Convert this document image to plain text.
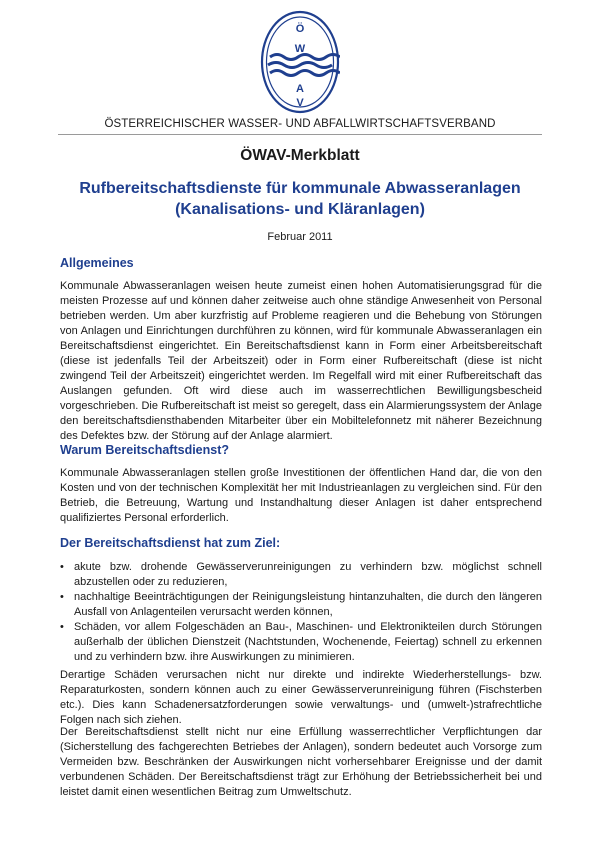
Ö
W
A
V
ÖSTERREICHISCHER WASSER- UND ABFALLWIRTSCHAFTSVERBAND
ÖWAV-Merkblatt
Rufbereitschaftsdienste für kommunale Abwasseranlagen
(Kanalisations- und Kläranlagen)
Februar 2011
Allgemeines
Kommunale Abwasseranlagen weisen heute zumeist einen hohen Automatisierungsgrad für die meisten Prozesse auf und können daher zeitweise auch ohne ständige Anwesenheit von Personal betrieben werden. Um aber kurzfristig auf Probleme reagieren und die Behebung von Störungen von Anlagen und Einrichtungen durchführen zu können, wird für kommunale Abwasseranlagen ein Bereitschaftsdienst eingerichtet. Ein Bereitschaftsdienst kann in Form einer Arbeitsbereitschaft (diese ist jedenfalls Teil der Arbeitszeit) oder in Form einer Rufbereitschaft (diese ist nicht zwingend Teil der Arbeitszeit) eingerichtet werden. Im Regelfall wird mit einer Rufbereitschaft das Auslangen gefunden. Oft wird diese auch im wasserrechtlichen Bewilligungsbescheid vorgeschrieben. Die Rufbereitschaft ist meist so geregelt, dass ein Alarmierungssystem der Anlage den bereitschaftsdiensthabenden Mitarbeiter über ein Mobiltelefonnetz mit näherer Bezeichnung des Defektes bzw. der Störung auf der Anlage alarmiert.
Warum Bereitschaftsdienst?
Kommunale Abwasseranlagen stellen große Investitionen der öffentlichen Hand dar, die von den Kosten und von der technischen Komplexität her mit Industrieanlagen zu vergleichen sind. Für den Betrieb, die Betreuung, Wartung und Instandhaltung dieser Anlagen ist daher entsprechend qualifiziertes Personal erforderlich.
Der Bereitschaftsdienst hat zum Ziel:
• akute bzw. drohende Gewässerverunreinigungen zu verhindern bzw. möglichst schnell abzustellen oder zu reduzieren,
• nachhaltige Beeinträchtigungen der Reinigungsleistung hintanzuhalten, die durch den längeren Ausfall von Anlagenteilen verursacht werden können,
• Schäden, vor allem Folgeschäden an Bau-, Maschinen- und Elektronikteilen durch Störungen außerhalb der üblichen Dienstzeit (Nachtstunden, Wochenende, Feiertag) schnell zu erkennen und zu verhindern bzw. ihre Auswirkungen zu minimieren.
Derartige Schäden verursachen nicht nur direkte und indirekte Wiederherstellungs- bzw. Reparaturkosten, sondern können auch zu einer Gewässerverunreinigung führen (Fischsterben etc.). Dies kann Schadenersatzforderungen sowie verwaltungs- und (umwelt-)strafrechtliche Folgen nach sich ziehen.
Der Bereitschaftsdienst stellt nicht nur eine Erfüllung wasserrechtlicher Verpflichtungen dar (Sicherstellung des fachgerechten Betriebes der Anlagen), sondern bedeutet auch Vorsorge zum Vermeiden bzw. Beschränken der Auswirkungen nicht vorhersehbarer Ereignisse und der damit verbundenen Schäden. Der Bereitschaftsdienst trägt zur Erhöhung der Betriebssicherheit bei und leistet damit einen wesentlichen Beitrag zum Umweltschutz.
